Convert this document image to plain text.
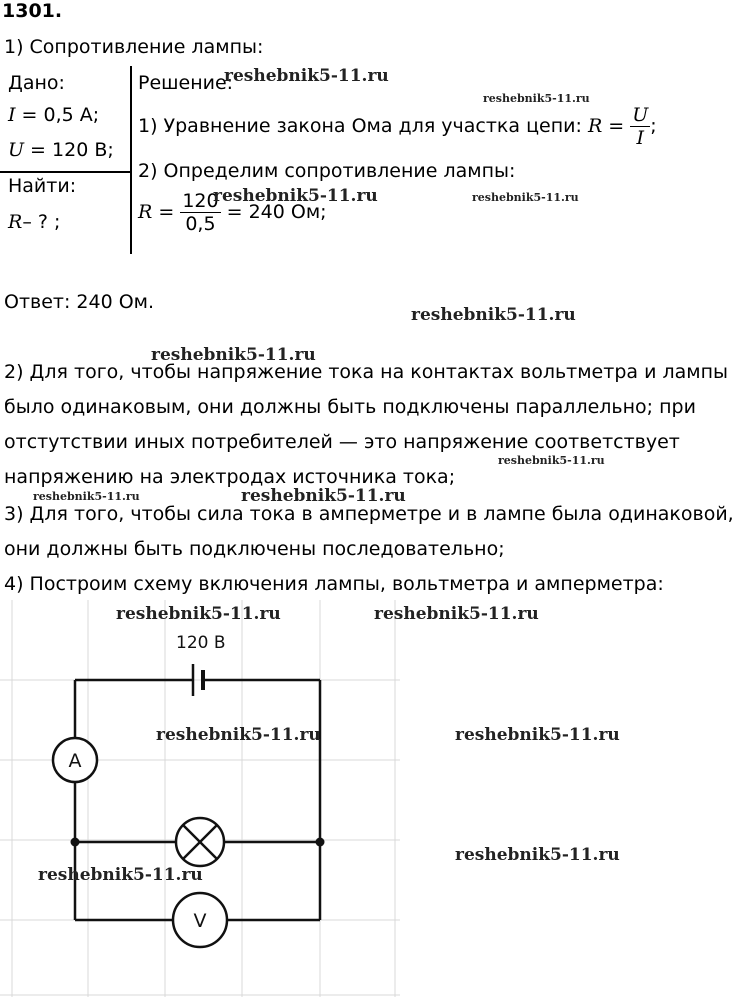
1301.
1) Сопротивление лампы:
Дано:
I = 0,5 А;
U = 120 В;
Найти:
R– ? ;
Решение:
1) Уравнение закона Ома для участка цепи: $R = \frac{U}{I}$ ;
2) Определим сопротивление лампы:
$R = \frac{120}{0,5} = 240$ Ом;
Ответ: 240 Ом.
2) Для того, чтобы напряжение тока на контактах вольтметра и лампы
было одинаковым, они должны быть подключены параллельно; при
отстутствии иных потребителей — это напряжение соответствует
напряжению на электродах источника тока;
3) Для того, чтобы сила тока в амперметре и в лампе была одинаковой,
они должны быть подключены последовательно;
4) Построим схему включения лампы, вольтметра и амперметра:
120 В
A
V
reshebnik5-11.ru
reshebnik5-11.ru
reshebnik5-11.ru	reshebnik5-11.ru
reshebnik5-11.ru
reshebnik5-11.ru
reshebnik5-11.ru
reshebnik5-11.ru	reshebnik5-11.ru
reshebnik5-11.ru	reshebnik5-11.ru
reshebnik5-11.ru	reshebnik5-11.ru
reshebnik5-11.ru
reshebnik5-11.ru
